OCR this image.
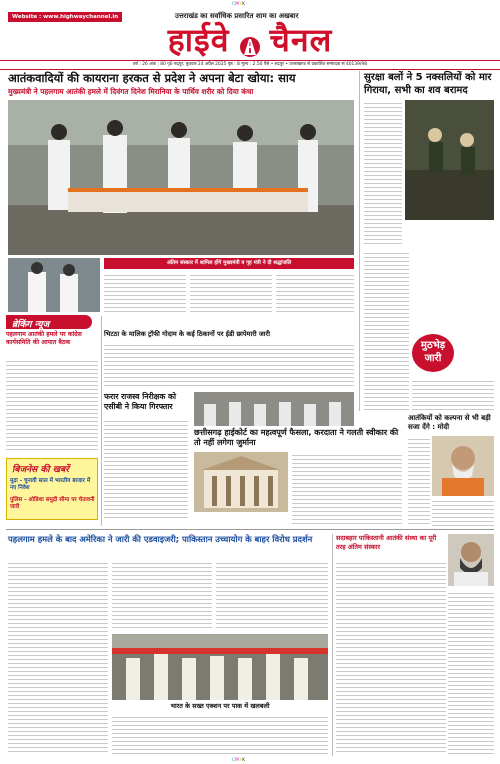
CMYK
Website : www.highwaychannel.in	उत्तराखंड का सर्वाधिक प्रसारित शाम का अखबार
हाईवे चैनल
वर्ष : 26 अंक : 80 पृ0 रुद्रपुर, बुधवार 24 अप्रैल 2025 पृष्ठ : 8 मूल्य : 2.50 पैसे • रुद्रपुर • उत्तराखण्ड से प्रकाशित सम्पादक सं 40139/98
आतंकवादियों की कायराना हरकत से प्रदेश ने अपना बेटा खोया: साय
मुख्यमंत्री ने पहलगाम आतंकी हमले में दिवंगत दिनेश मिरानिया के पार्थिव शरीर को दिया कंधा
अंतिम संस्कार में शामिल होंगे मुख्यमंत्री व गृह मंत्री ने दी श्रद्धांजलि
सुरक्षा बलों ने 5 नक्सलियों को मार गिराया, सभी का शव बरामद
मुठभेड़ जारी
ब्रेकिंग न्यूज
पहलगाम आतंकी हमले पर कांग्रेस कार्यसमिति की आपात बैठक
बिजनेस की खबरें
मुद्रा - चुनावी साल में भारतीय बाजार में नए निवेश
पुलिस - ओडिशा समुद्री सीमा पर चेतावनी जारी
भिटठा के मालिक ट्रॉफी गोदाम के कई ठिकानों पर ईडी छापेमारी जारी
फरार राजस्व निरीक्षक को एसीबी ने किया गिरफ्तार
छत्तीसगढ़ हाईकोर्ट का महत्वपूर्ण फैसला, करदाता ने गलती स्वीकार की तो नहीं लगेगा जुर्माना
आतंकियों को कल्पना से भी बड़ी सजा देंगे : मोदी
पहलगाम हमले के बाद अमेरिका ने जारी की एडवाइजरी; पाकिस्तान उच्चायोग के बाहर विरोध प्रदर्शन
भारत के सख्त एक्शन पर पाक में खलबली
सदाबहार पाकिस्तानी आतंकी संस्था का पूरी तरह अंतिम संस्कार
CMYK
